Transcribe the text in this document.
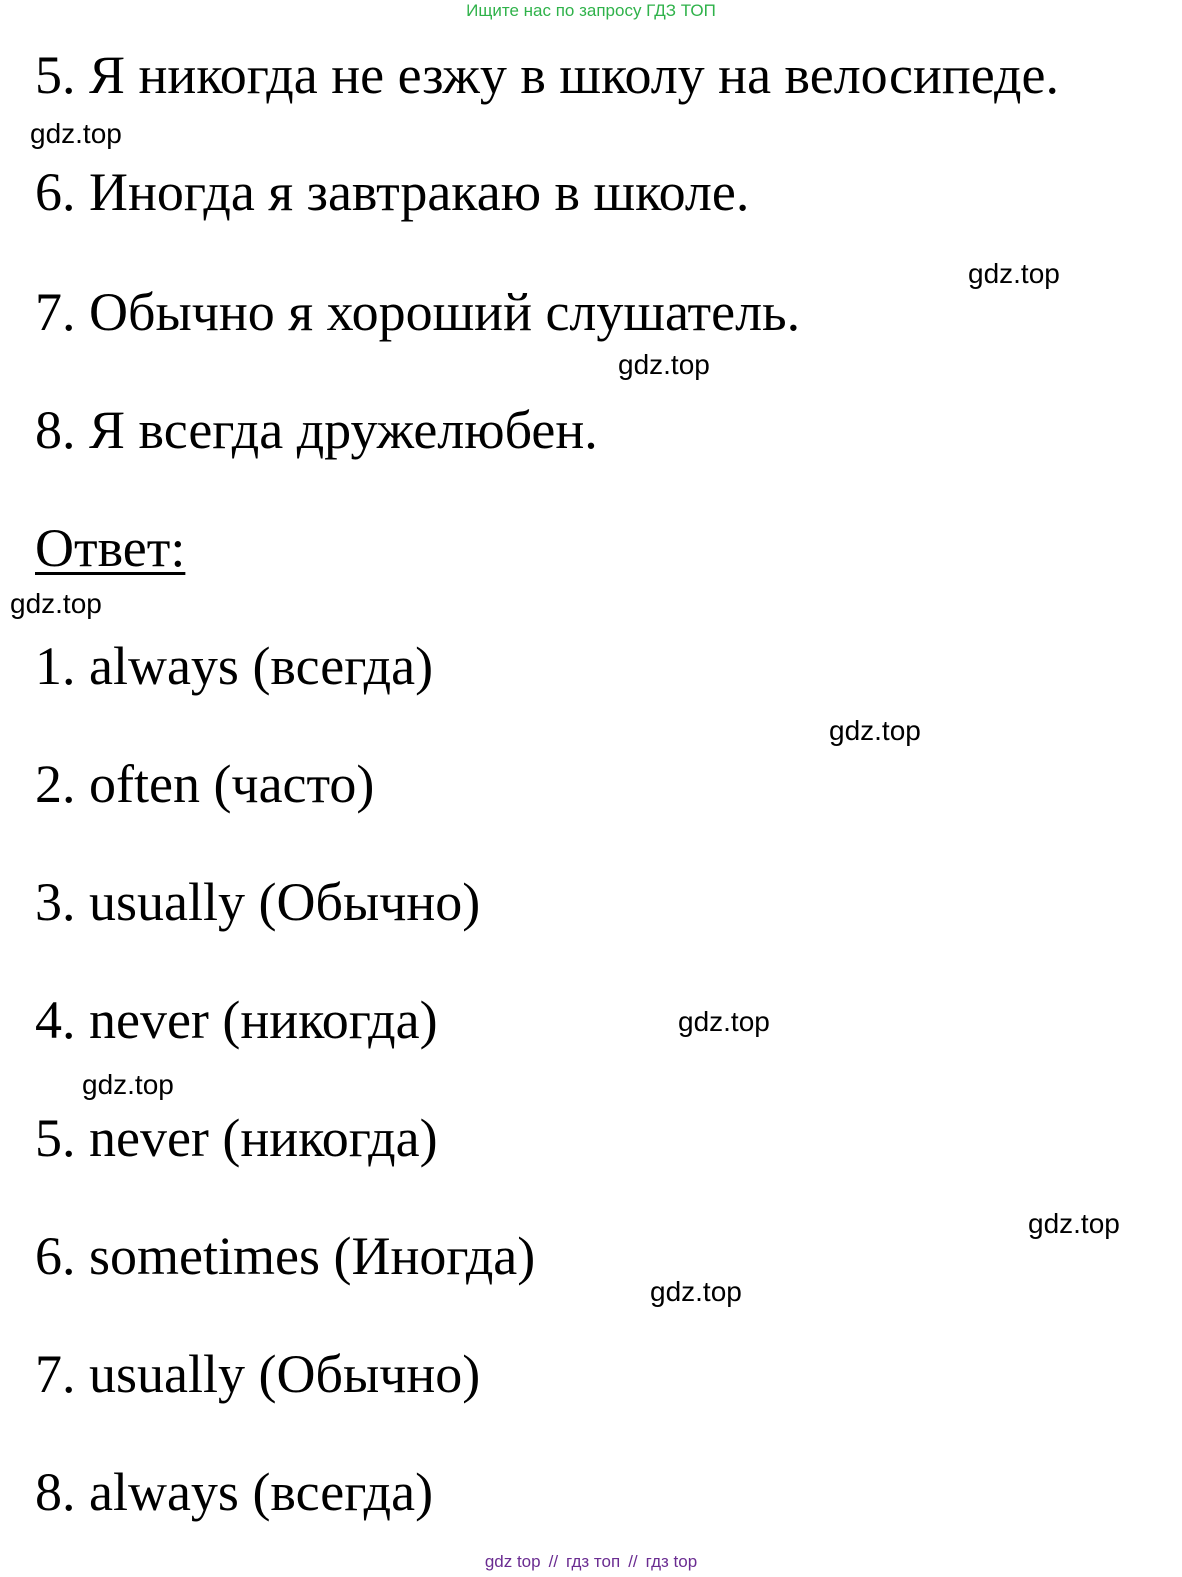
Ищите нас по запросу ГДЗ ТОП
5. Я никогда не езжу в школу на велосипеде.
6. Иногда я завтракаю в школе.
7. Обычно я хороший слушатель.
8. Я всегда дружелюбен.
Ответ:
1. always (всегда)
2. often (часто)
3. usually (Обычно)
4. never (никогда)
5. never (никогда)
6. sometimes (Иногда)
7. usually (Обычно)
8. always (всегда)
gdz.top
gdz.top
gdz.top
gdz.top
gdz.top
gdz.top
gdz.top
gdz.top
gdz.top
gdz top // гдз топ // гдз top
